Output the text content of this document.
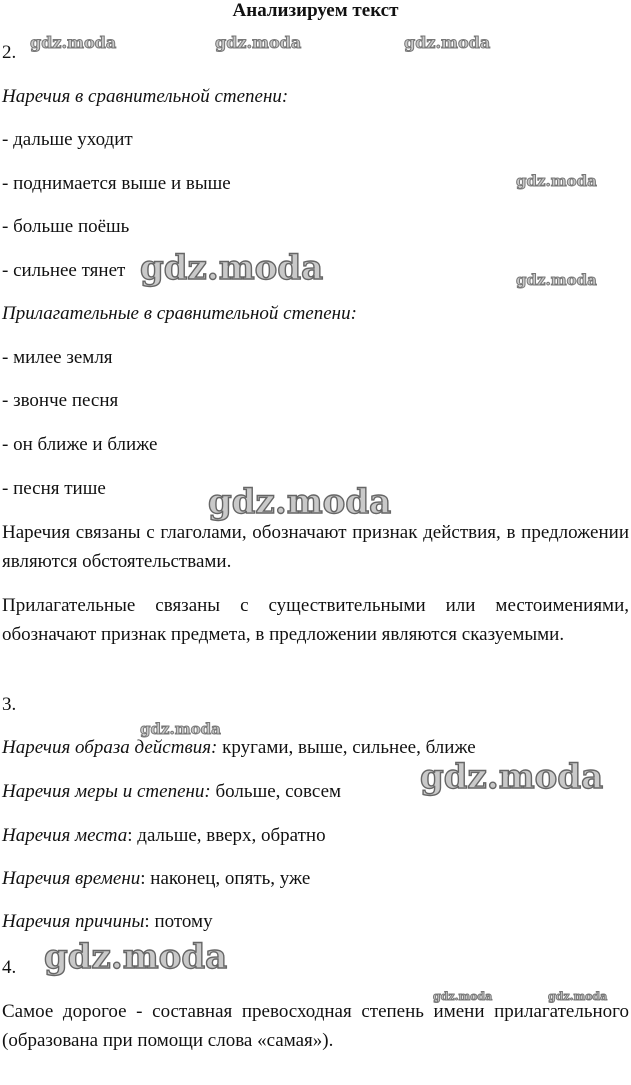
Анализируем текст
2.
Наречия в сравнительной степени:
- дальше уходит
- поднимается выше и выше
- больше поёшь
- сильнее тянет
Прилагательные в сравнительной степени:
- милее земля
- звонче песня
- он ближе и ближе
- песня тише
Наречия связаны с глаголами, обозначают признак действия, в предложении являются обстоятельствами.
Прилагательные связаны с существительными или местоимениями, обозначают признак предмета, в предложении являются сказуемыми.
3.
Наречия образа действия: кругами, выше, сильнее, ближе
Наречия меры и степени: больше, совсем
Наречия места: дальше, вверх, обратно
Наречия времени: наконец, опять, уже
Наречия причины: потому
4.
Самое дорогое - составная превосходная степень имени прилагательного (образована при помощи слова «самая»).
gdz.moda	gdz.moda	gdz.moda
gdz.moda
gdz.moda	gdz.moda
gdz.moda
gdz.moda
gdz.moda
gdz.moda
gdz.moda	gdz.moda
